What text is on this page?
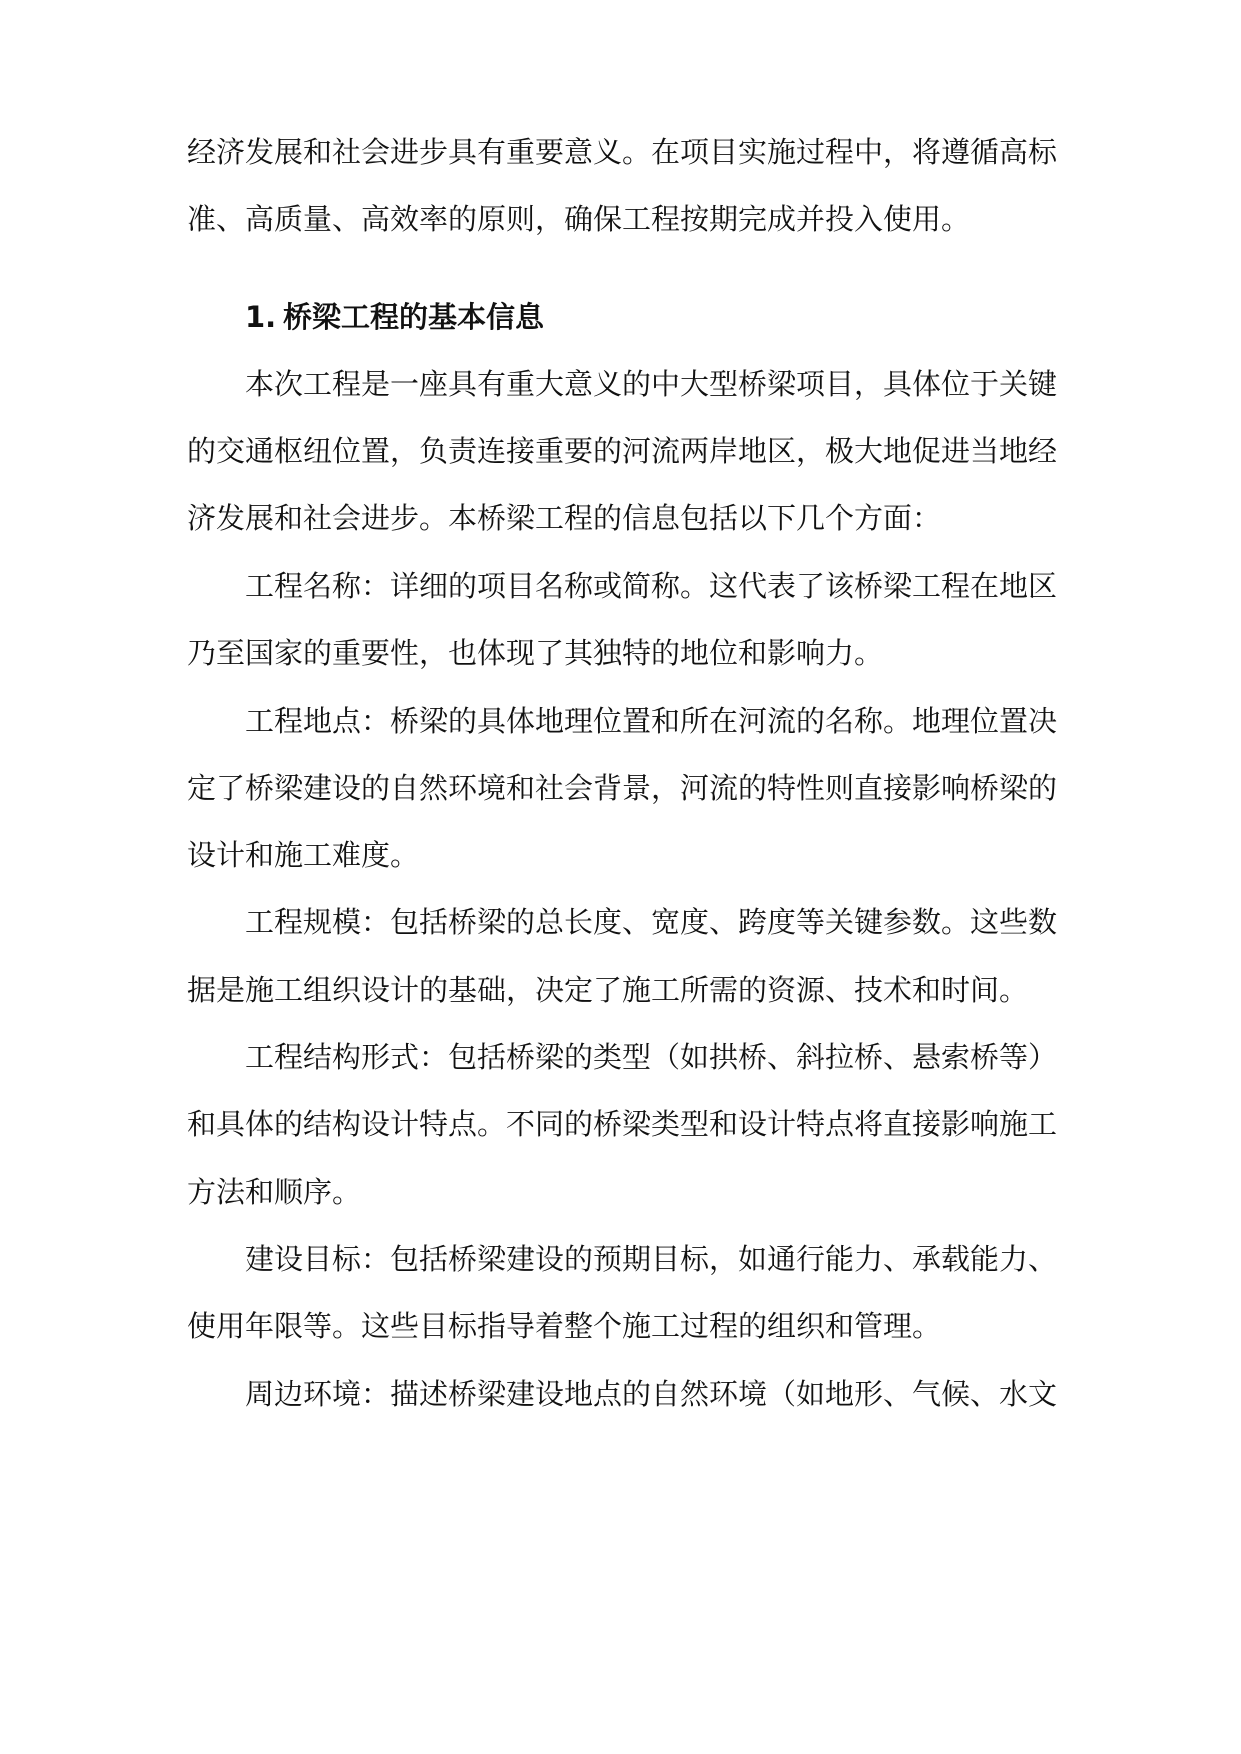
经济发展和社会进步具有重要意义。在项目实施过程中，将遵循高标
准、高质量、高效率的原则，确保工程按期完成并投入使用。
1. 桥梁工程的基本信息
本次工程是一座具有重大意义的中大型桥梁项目，具体位于关键
的交通枢纽位置，负责连接重要的河流两岸地区，极大地促进当地经
济发展和社会进步。本桥梁工程的信息包括以下几个方面：
工程名称：详细的项目名称或简称。这代表了该桥梁工程在地区
乃至国家的重要性，也体现了其独特的地位和影响力。
工程地点：桥梁的具体地理位置和所在河流的名称。地理位置决
定了桥梁建设的自然环境和社会背景，河流的特性则直接影响桥梁的
设计和施工难度。
工程规模：包括桥梁的总长度、宽度、跨度等关键参数。这些数
据是施工组织设计的基础，决定了施工所需的资源、技术和时间。
工程结构形式：包括桥梁的类型（如拱桥、斜拉桥、悬索桥等）
和具体的结构设计特点。不同的桥梁类型和设计特点将直接影响施工
方法和顺序。
建设目标：包括桥梁建设的预期目标，如通行能力、承载能力、
使用年限等。这些目标指导着整个施工过程的组织和管理。
周边环境：描述桥梁建设地点的自然环境（如地形、气候、水文
